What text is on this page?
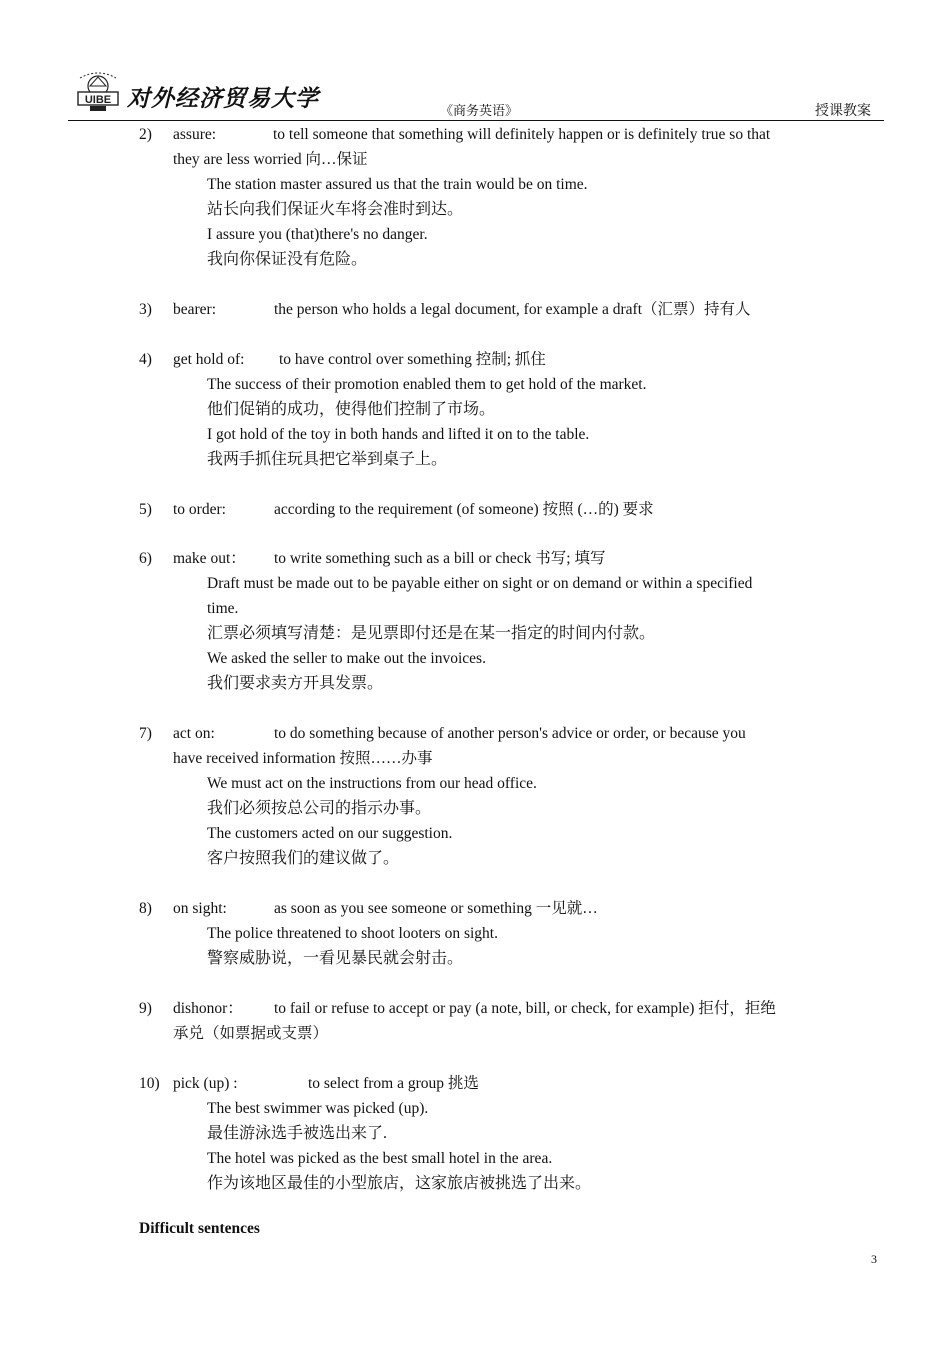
UIBE 对外经济贸易大学	《商务英语》	授课教案
2) assure:	to tell someone that something will definitely happen or is definitely true so that
they are less worried 向…保证
The station master assured us that the train would be on time.
站长向我们保证火车将会准时到达。
I assure you (that)there's no danger.
我向你保证没有危险。
3) bearer:	the person who holds a legal document, for example a draft（汇票）持有人
4) get hold of: to have control over something 控制; 抓住
The success of their promotion enabled them to get hold of the market.
他们促销的成功，使得他们控制了市场。
I got hold of the toy in both hands and lifted it on to the table.
我两手抓住玩具把它举到桌子上。
5) to order:	according to the requirement (of someone) 按照 (…的) 要求
6) make out： to write something such as a bill or check 书写; 填写
Draft must be made out to be payable either on sight or on demand or within a specified
time.
汇票必须填写清楚：是见票即付还是在某一指定的时间内付款。
We asked the seller to make out the invoices.
我们要求卖方开具发票。
7) act on:	to do something because of another person's advice or order, or because you
have received information 按照……办事
We must act on the instructions from our head office.
我们必须按总公司的指示办事。
The customers acted on our suggestion.
客户按照我们的建议做了。
8) on sight:	as soon as you see someone or something 一见就…
The police threatened to shoot looters on sight.
警察威胁说，一看见暴民就会射击。
9) dishonor： to fail or refuse to accept or pay (a note, bill, or check, for example) 拒付，拒绝
承兑（如票据或支票）
10) pick (up) :	to select from a group 挑选
The best swimmer was picked (up).
最佳游泳选手被选出来了.
The hotel was picked as the best small hotel in the area.
作为该地区最佳的小型旅店，这家旅店被挑选了出来。
Difficult sentences
3
